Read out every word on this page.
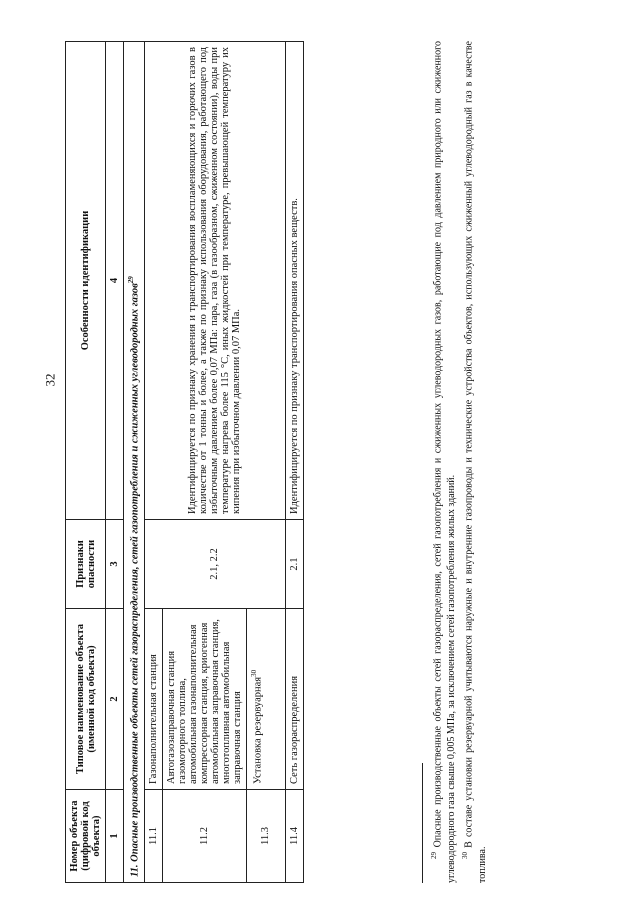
32
Номер объекта (цифровой код объекта)	Типовое наименование объекта (именной код объекта)	Признаки опасности	Особенности идентификации
1	2	3	4
11. Опасные производственные объекты сетей газораспределения, сетей газопотребления и сжиженных углеводородных газов$^{29}$
11.1	Газонаполнительная станция	2.1, 2.2	Идентифицируется по признаку хранения и транспортирования воспламеняющихся и горючих газов в количестве от 1 тонны и более, а также по признаку использования оборудования, работающего под избыточным давлением более 0,07 МПа: пара, газа (в газообразном, сжиженном состоянии), воды при температуре нагрева более 115 °С, иных жидкостей при температуре, превышающей температуру их кипения при избыточном давлении 0,07 МПа.
11.2	Автогазозаправочная станция газомоторного топлива, автомобильная газонаполнительная компрессорная станция, криогенная автомобильная заправочная станция, многотопливная автомобильная заправочная станция		
11.3	Установка резервуарная$^{30}$
11.4	Сеть газораспределения	2.1	Идентифицируется по признаку транспортирования опасных веществ.

$^{29}$ Опасные производственные объекты сетей газораспределения, сетей газопотребления и сжиженных углеводородных газов, работающие под давлением природного или сжиженного углеводородного газа свыше 0,005 МПа, за исключением сетей газопотребления жилых зданий. $^{30}$ В составе установки резервуарной учитываются наружные и внутренние газопроводы и технические устройства объектов, использующих сжиженный углеводородный газ в качестве топлива.
